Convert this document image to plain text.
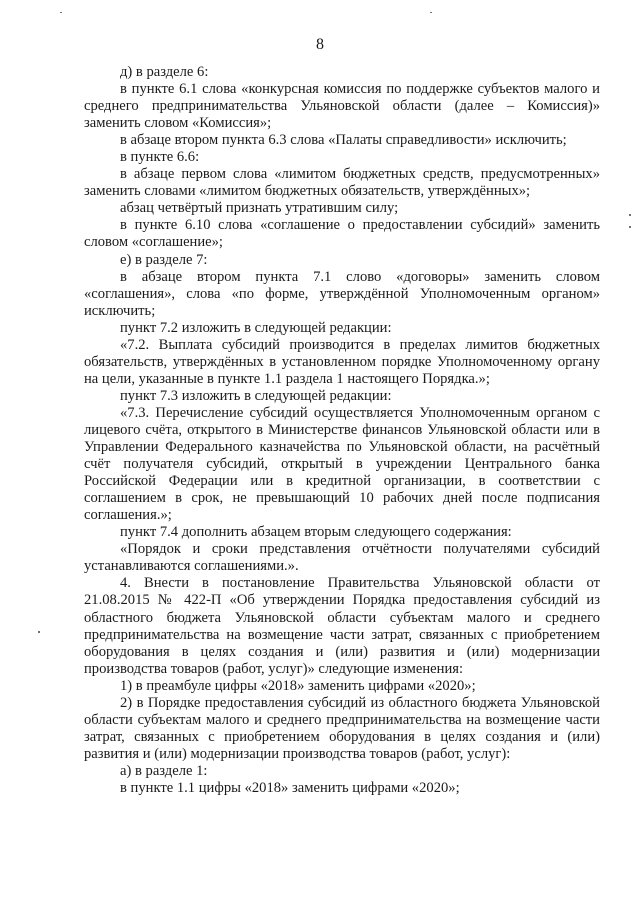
8

д) в разделе 6:

в пункте 6.1 слова «конкурсная комиссия по поддержке субъектов малого и среднего предпринимательства Ульяновской области (далее – Комиссия)» заменить словом «Комиссия»;

в абзаце втором пункта 6.3 слова «Палаты справедливости» исключить;

в пункте 6.6:

в абзаце первом слова «лимитом бюджетных средств, предусмотренных» заменить словами «лимитом бюджетных обязательств, утверждённых»;

абзац четвёртый признать утратившим силу;

в пункте 6.10 слова «соглашение о предоставлении субсидий» заменить словом «соглашение»;

е) в разделе 7:

в абзаце втором пункта 7.1 слово «договоры» заменить словом «соглашения», слова «по форме, утверждённой Уполномоченным органом» исключить;

пункт 7.2 изложить в следующей редакции:

«7.2. Выплата субсидий производится в пределах лимитов бюджетных обязательств, утверждённых в установленном порядке Уполномоченному органу на цели, указанные в пункте 1.1 раздела 1 настоящего Порядка.»;

пункт 7.3 изложить в следующей редакции:

«7.3. Перечисление субсидий осуществляется Уполномоченным органом с лицевого счёта, открытого в Министерстве финансов Ульяновской области или в Управлении Федерального казначейства по Ульяновской области, на расчётный счёт получателя субсидий, открытый в учреждении Центрального банка Российской Федерации или в кредитной организации, в соответствии с соглашением в срок, не превышающий 10 рабочих дней после подписания соглашения.»;

пункт 7.4 дополнить абзацем вторым следующего содержания:

«Порядок и сроки представления отчётности получателями субсидий устанавливаются соглашениями.».

4. Внести в постановление Правительства Ульяновской области от 21.08.2015 № 422-П «Об утверждении Порядка предоставления субсидий из областного бюджета Ульяновской области субъектам малого и среднего предпринимательства на возмещение части затрат, связанных с приобретением оборудования в целях создания и (или) развития и (или) модернизации производства товаров (работ, услуг)» следующие изменения:

1) в преамбуле цифры «2018» заменить цифрами «2020»;

2) в Порядке предоставления субсидий из областного бюджета Ульяновской области субъектам малого и среднего предпринимательства на возмещение части затрат, связанных с приобретением оборудования в целях создания и (или) развития и (или) модернизации производства товаров (работ, услуг):

а) в разделе 1:

в пункте 1.1 цифры «2018» заменить цифрами «2020»;
